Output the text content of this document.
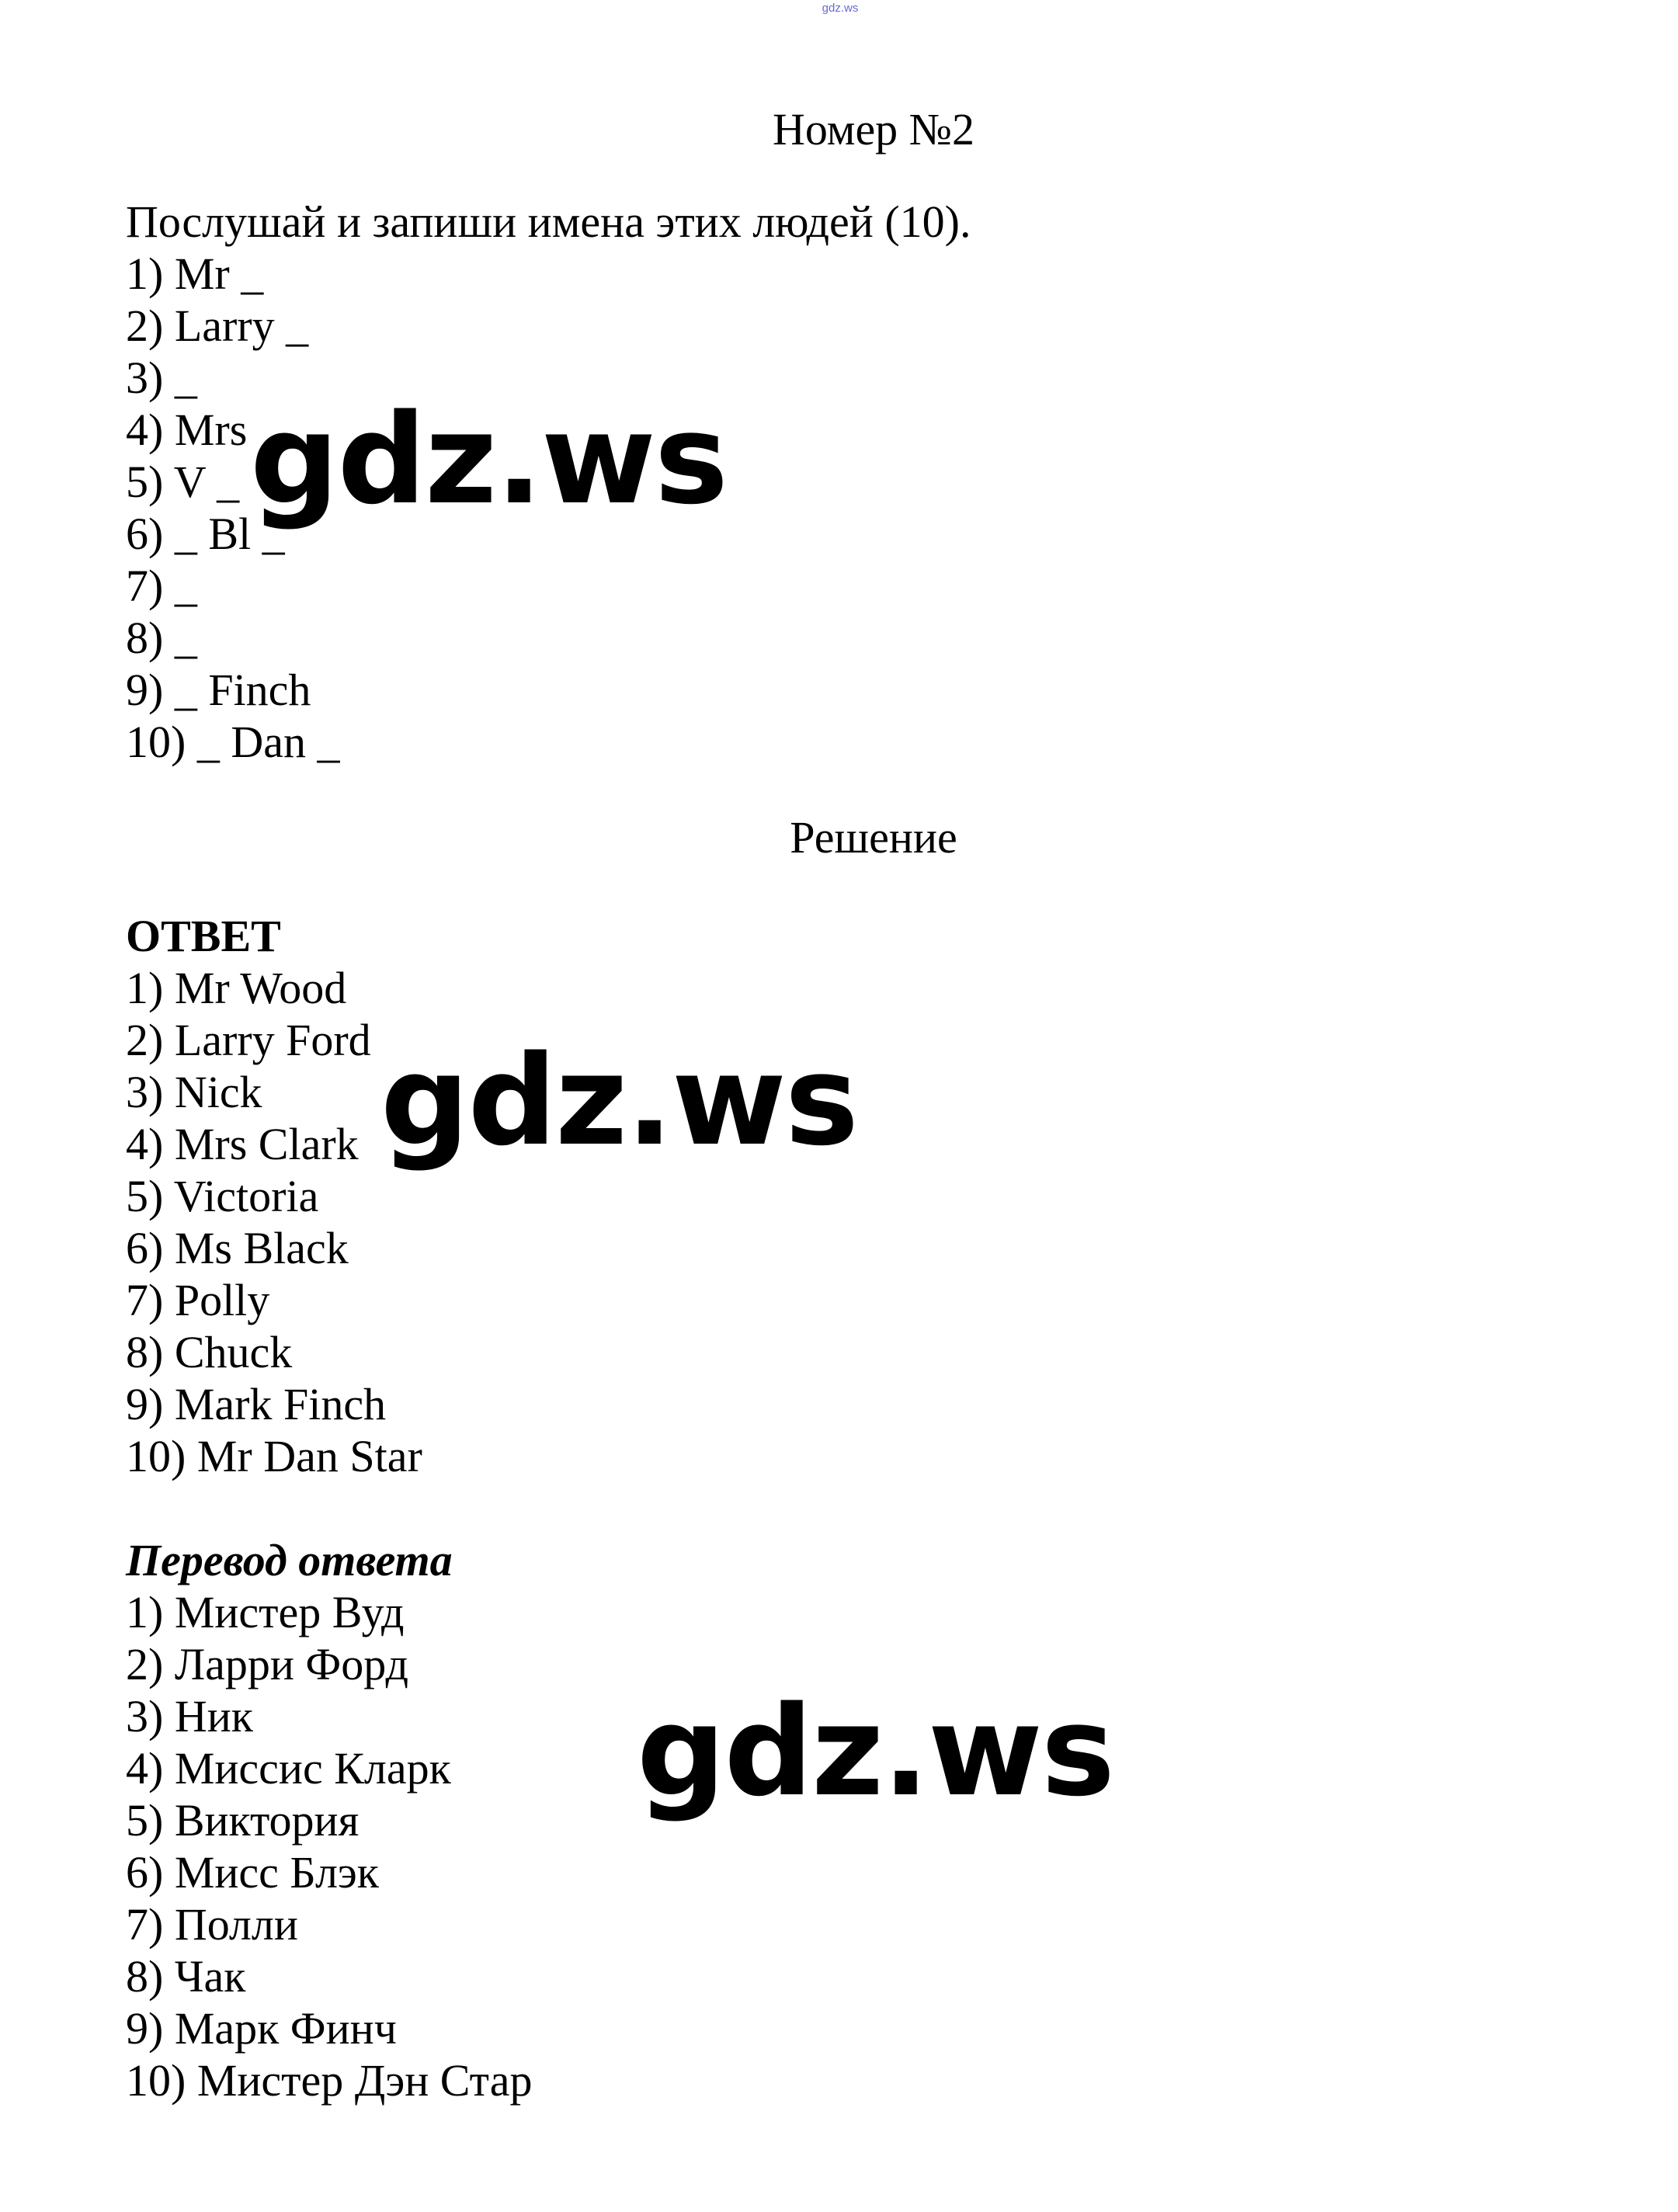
gdz.ws
Номер №2
Послушай и запиши имена этих людей (10).
1) Mr _
2) Larry _
3) _
4) Mrs
5) V _
6) _ Bl _
7) _
8) _
9) _ Finch
10) _ Dan _
Решение
ОТВЕТ
1) Mr Wood
2) Larry Ford
3) Nick
4) Mrs Clark
5) Victoria
6) Ms Black
7) Polly
8) Chuck
9) Mark Finch
10) Mr Dan Star
Перевод ответа
1) Мистер Вуд
2) Ларри Форд
3) Ник
4) Миссис Кларк
5) Виктория
6) Мисс Блэк
7) Полли
8) Чак
9) Марк Финч
10) Мистер Дэн Стар
gdz.ws
gdz.ws
gdz.ws
